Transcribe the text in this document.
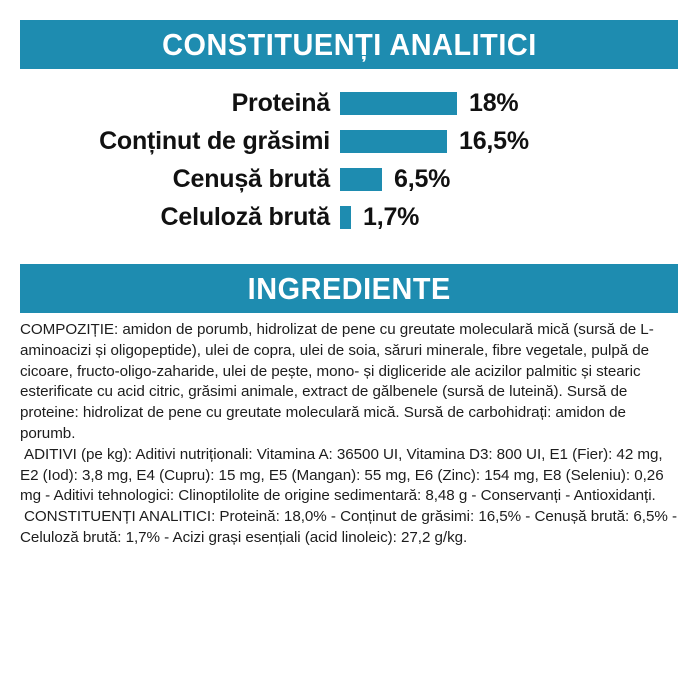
CONSTITUENȚI ANALITICI
Proteină	18%
Conținut de grăsimi	16,5%
Cenușă brută	6,5%
Celuloză brută	1,7%
INGREDIENTE

COMPOZIȚIE: amidon de porumb, hidrolizat de pene cu greutate moleculară mică (sursă de L-aminoacizi și oligopeptide), ulei de copra, ulei de soia, săruri minerale, fibre vegetale, pulpă de cicoare, fructo-oligo-zaharide, ulei de pește, mono- și digliceride ale acizilor palmitic și stearic esterificate cu acid citric, grăsimi animale, extract de gălbenele (sursă de luteină). Sursă de proteine: hidrolizat de pene cu greutate moleculară mică. Sursă de carbohidrați: amidon de porumb.

ADITIVI (pe kg): Aditivi nutriționali: Vitamina A: 36500 UI, Vitamina D3: 800 UI, E1 (Fier): 42 mg, E2 (Iod): 3,8 mg, E4 (Cupru): 15 mg, E5 (Mangan): 55 mg, E6 (Zinc): 154 mg, E8 (Seleniu): 0,26 mg - Aditivi tehnologici: Clinoptilolite de origine sedimentară: 8,48 g - Conservanți - Antioxidanți.

CONSTITUENȚI ANALITICI: Proteină: 18,0% - Conținut de grăsimi: 16,5% - Cenușă brută: 6,5% - Celuloză brută: 1,7% - Acizi grași esențiali (acid linoleic): 27,2 g/kg.
